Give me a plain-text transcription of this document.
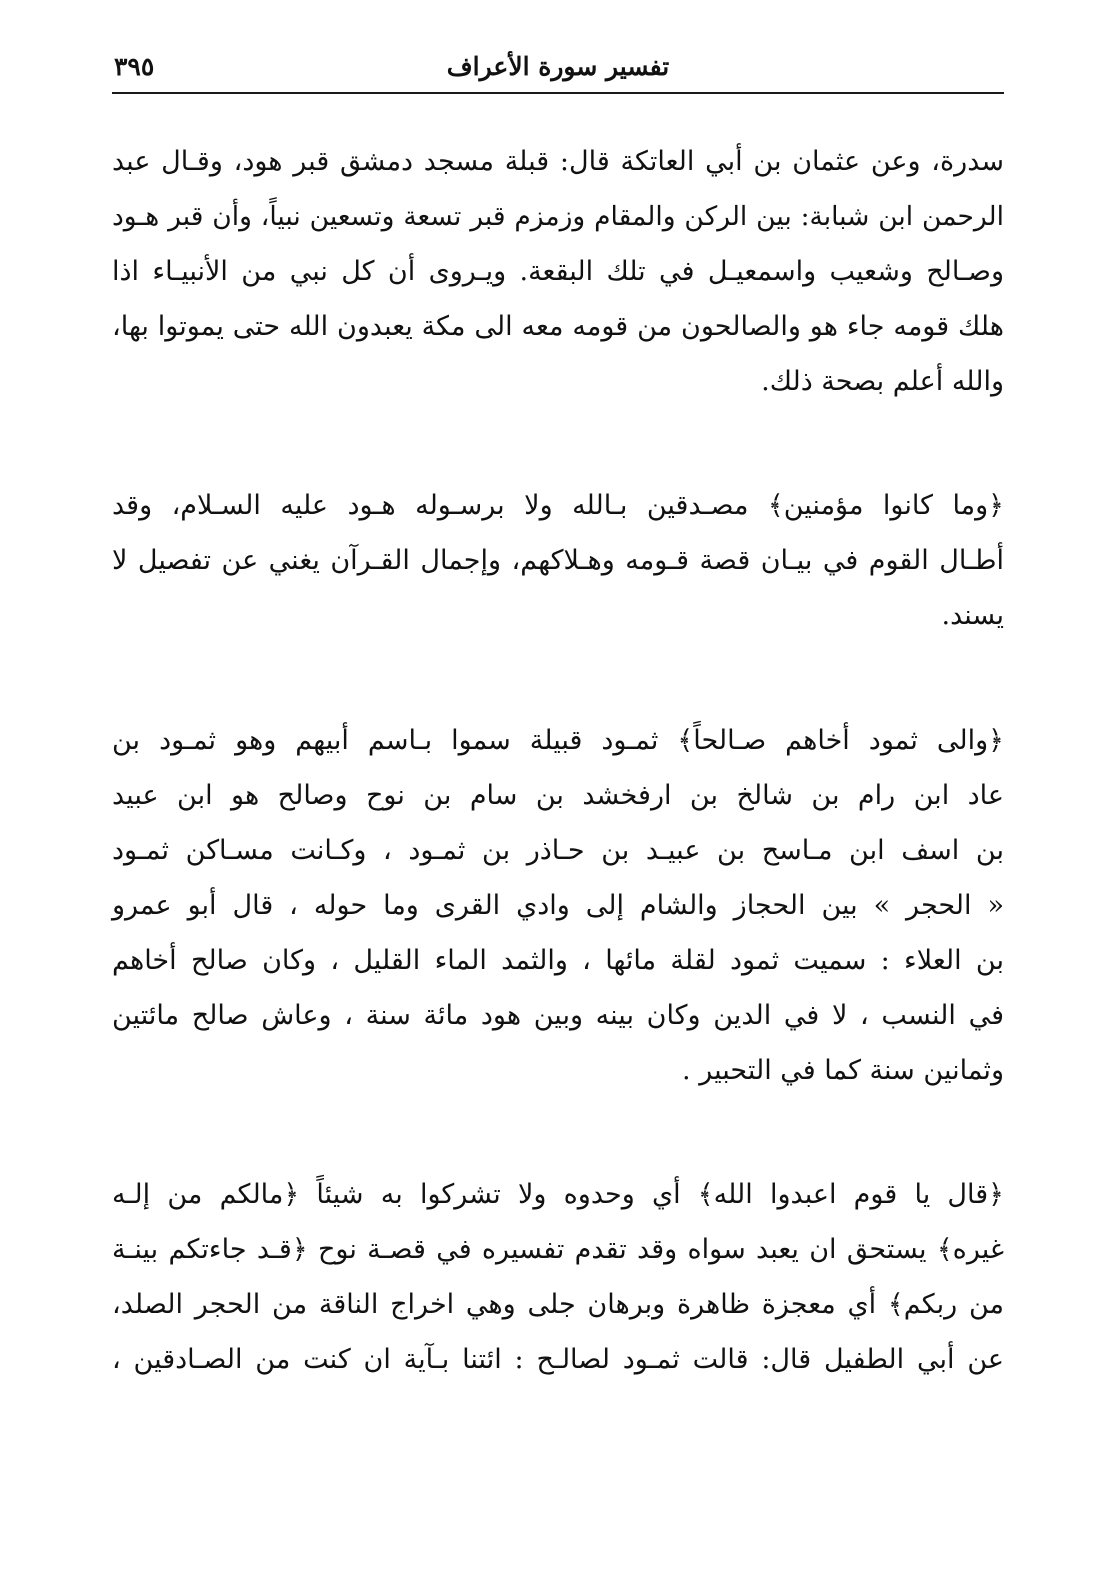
تفسير سورة الأعراف
٣٩٥

سدرة، وعن عثمان بن أبي العاتكة قال: قبلة مسجد دمشق قبر هود، وقـال عبد
الرحمن ابن شبابة: بين الركن والمقام وزمزم قبر تسعة وتسعين نبياً، وأن قبر هـود
وصـالح وشعيب واسمعيـل في تلك البقعة. ويـروى أن كل نبي من الأنبيـاء اذا
هلك قومه جاء هو والصالحون من قومه معه الى مكة يعبدون الله حتى يموتوا بها،
والله أعلم بصحة ذلك.

﴿وما كانوا مؤمنين﴾ مصـدقين بـالله ولا برسـوله هـود عليه السـلام، وقد
أطـال القوم في بيـان قصة قـومه وهـلاكهم، وإجمال القـرآن يغني عن تفصيل لا
يسند.

﴿والى ثمود أخاهم صـالحاً﴾ ثمـود قبيلة سموا بـاسم أبيهم وهو ثمـود بن
عاد ابن رام بن شالخ بن ارفخشد بن سام بن نوح وصالح هو ابن عبيد
بن اسف ابن مـاسح بن عبيـد بن حـاذر بن ثمـود ، وكـانت مسـاكن ثمـود
« الحجر » بين الحجاز والشام إلى وادي القرى وما حوله ، قال أبو عمرو
بن العلاء : سميت ثمود لقلة مائها ، والثمد الماء القليل ، وكان صالح أخاهم
في النسب ، لا في الدين وكان بينه وبين هود مائة سنة ، وعاش صالح مائتين
وثمانين سنة كما في التحبير .

﴿قال يا قوم اعبدوا الله﴾ أي وحدوه ولا تشركوا به شيئاً ﴿مالكم من إلـه
غيره﴾ يستحق ان يعبد سواه وقد تقدم تفسيره في قصـة نوح ﴿قـد جاءتكم بينـة
من ربكم﴾ أي معجزة ظاهرة وبرهان جلى وهي اخراج الناقة من الحجر الصلد،
عن أبي الطفيل قال: قالت ثمـود لصالـح : ائتنا بـآية ان كنت من الصـادقين ،
